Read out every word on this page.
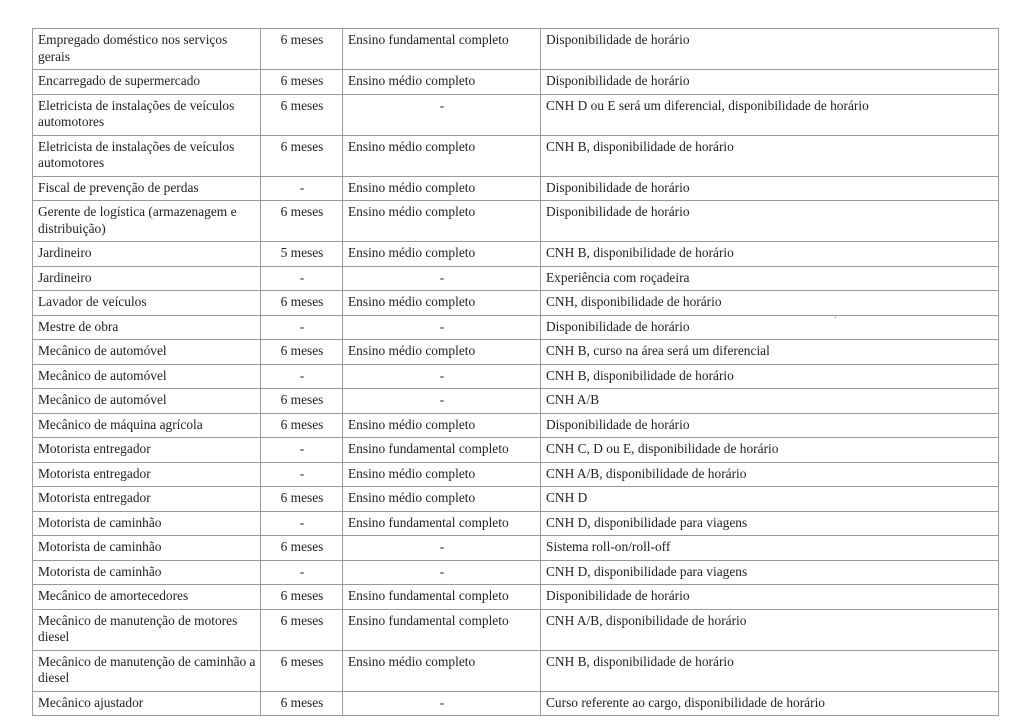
Empregado doméstico nos serviços gerais	6 meses	Ensino fundamental completo	Disponibilidade de horário
Encarregado de supermercado	6 meses	Ensino médio completo	Disponibilidade de horário
Eletricista de instalações de veículos automotores	6 meses	-	CNH D ou E será um diferencial, disponibilidade de horário
Eletricista de instalações de veículos automotores	6 meses	Ensino médio completo	CNH B, disponibilidade de horário
Fiscal de prevenção de perdas	-	Ensino médio completo	Disponibilidade de horário
Gerente de logística (armazenagem e distribuição)	6 meses	Ensino médio completo	Disponibilidade de horário
Jardineiro	5 meses	Ensino médio completo	CNH B, disponibilidade de horário
Jardineiro	-	-	Experiência com roçadeira
Lavador de veículos	6 meses	Ensino médio completo	CNH, disponibilidade de horário
Mestre de obra	-	-	Disponibilidade de horário
Mecânico de automóvel	6 meses	Ensino médio completo	CNH B, curso na área será um diferencial
Mecânico de automóvel	-	-	CNH B, disponibilidade de horário
Mecânico de automóvel	6 meses	-	CNH A/B
Mecânico de máquina agrícola	6 meses	Ensino médio completo	Disponibilidade de horário
Motorista entregador	-	Ensino fundamental completo	CNH C, D ou E, disponibilidade de horário
Motorista entregador	-	Ensino médio completo	CNH A/B, disponibilidade de horário
Motorista entregador	6 meses	Ensino médio completo	CNH D
Motorista de caminhão	-	Ensino fundamental completo	CNH D, disponibilidade para viagens
Motorista de caminhão	6 meses	-	Sistema roll-on/roll-off
Motorista de caminhão	-	-	CNH D, disponibilidade para viagens
Mecânico de amortecedores	6 meses	Ensino fundamental completo	Disponibilidade de horário
Mecânico de manutenção de motores diesel	6 meses	Ensino fundamental completo	CNH A/B, disponibilidade de horário
Mecânico de manutenção de caminhão a diesel	6 meses	Ensino médio completo	CNH B, disponibilidade de horário
Mecânico ajustador	6 meses	-	Curso referente ao cargo, disponibilidade de horário
